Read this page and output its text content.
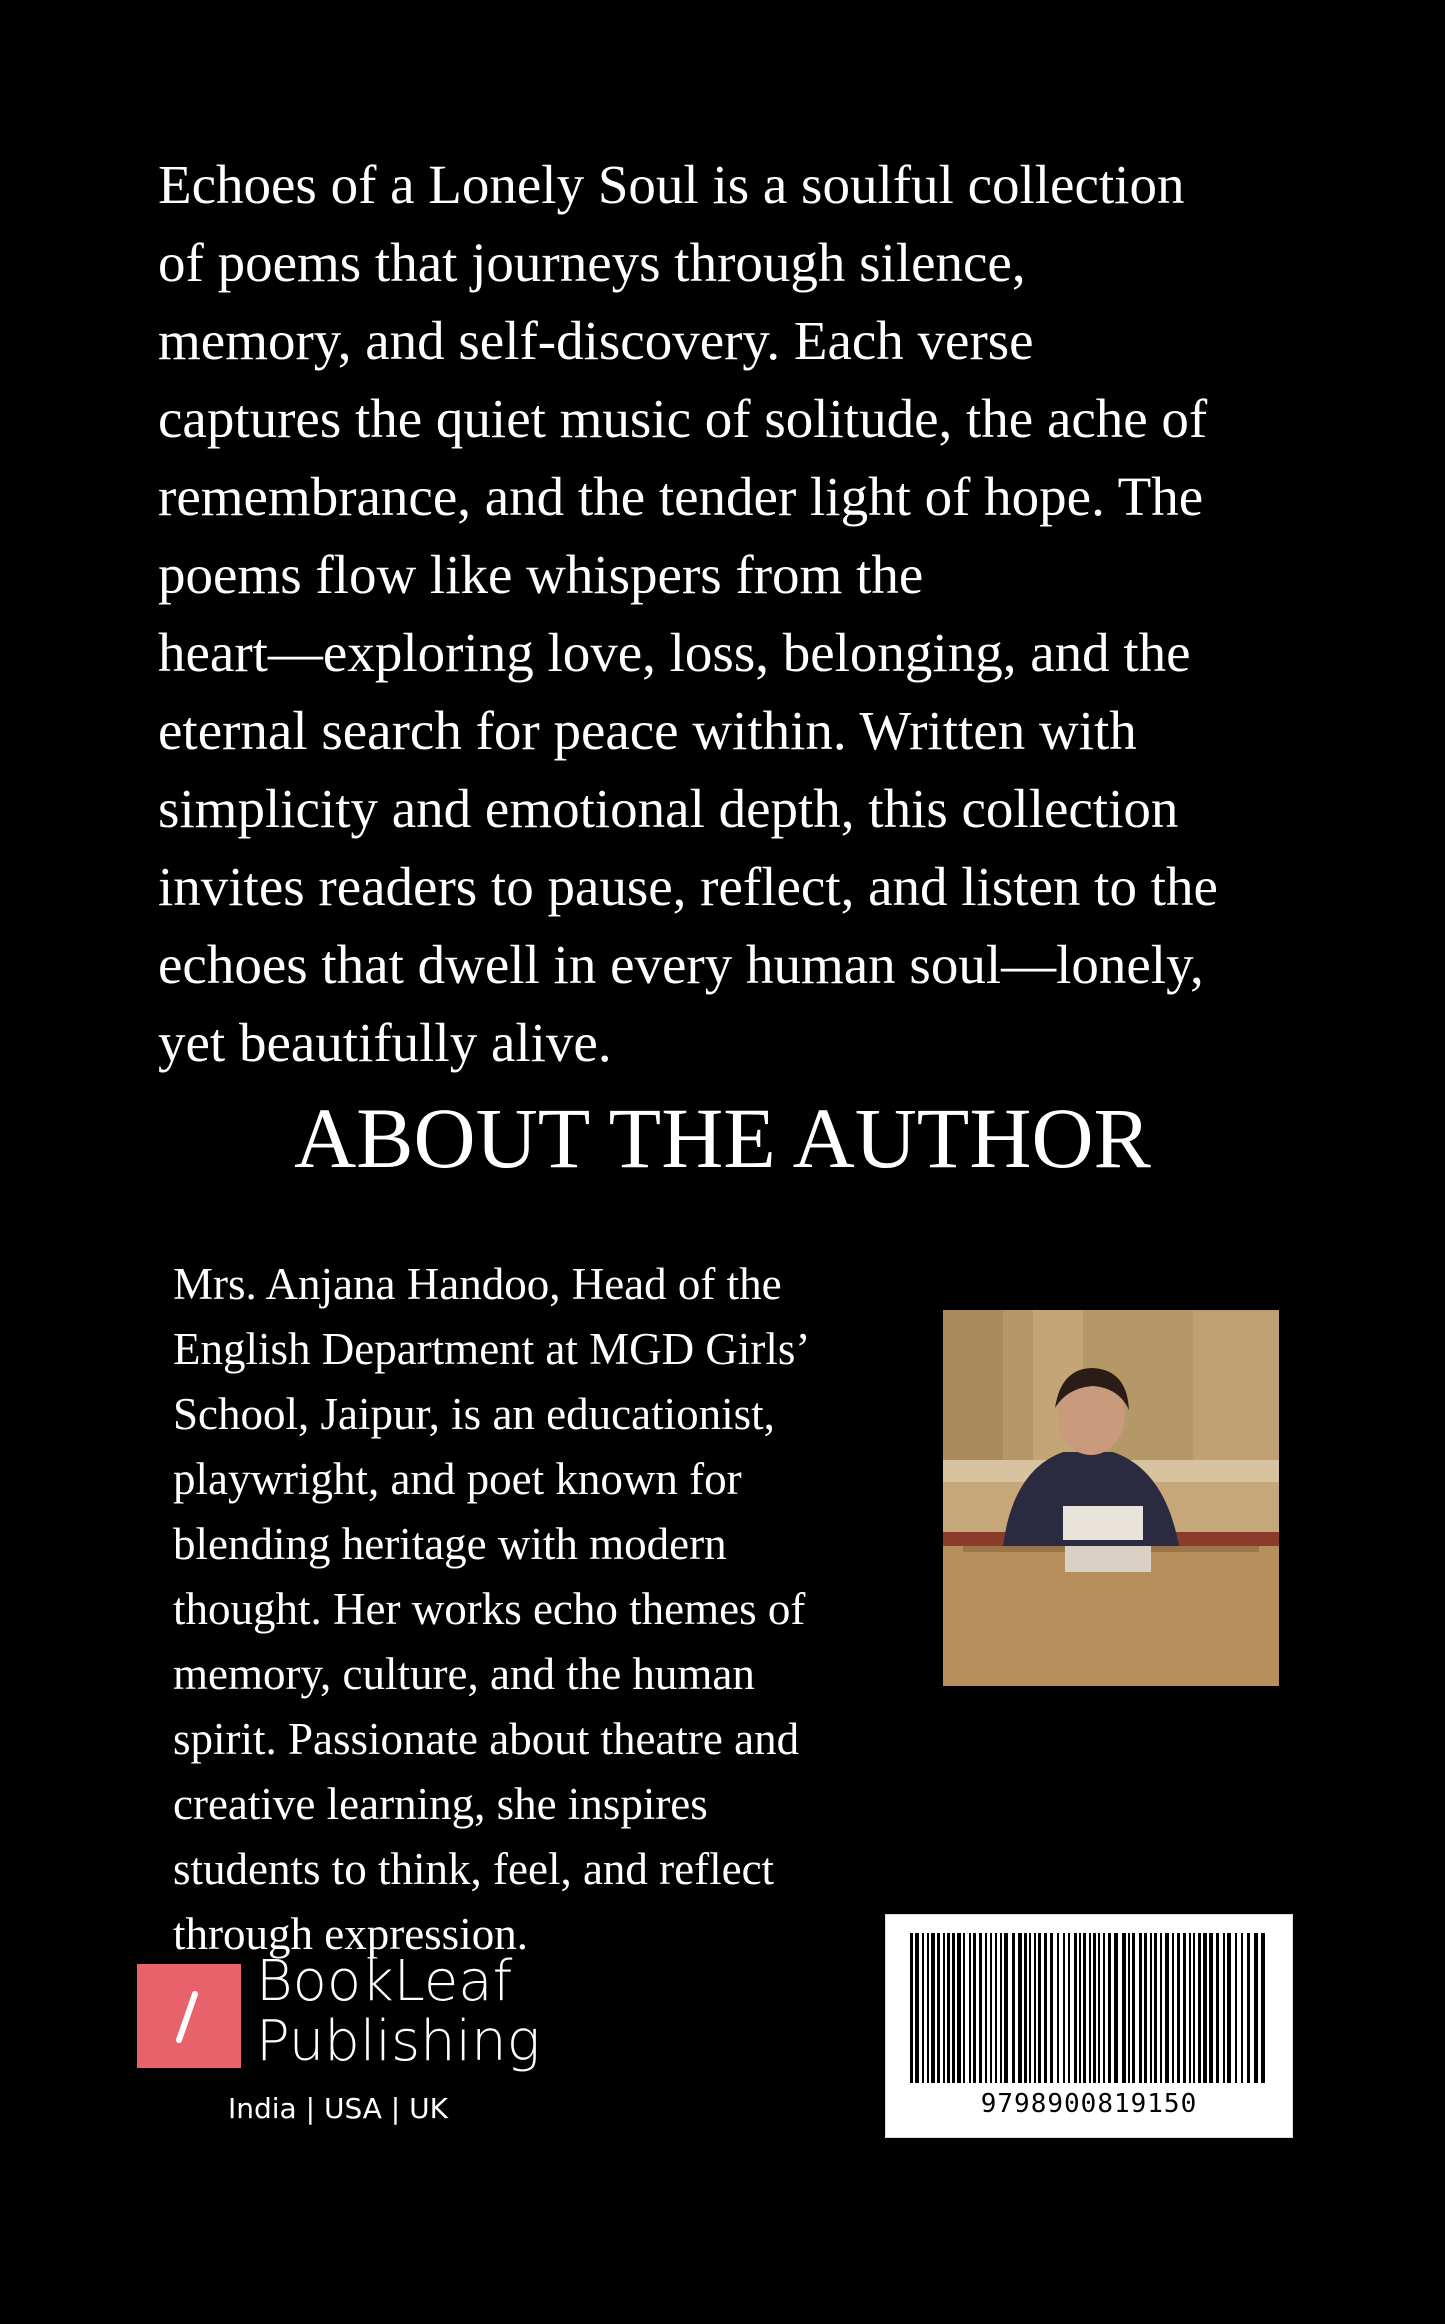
Echoes of a Lonely Soul is a soulful collection
of poems that journeys through silence,
memory, and self-discovery. Each verse
captures the quiet music of solitude, the ache of
remembrance, and the tender light of hope. The
poems flow like whispers from the
heart—exploring love, loss, belonging, and the
eternal search for peace within. Written with
simplicity and emotional depth, this collection
invites readers to pause, reflect, and listen to the
echoes that dwell in every human soul—lonely,
yet beautifully alive.

ABOUT THE AUTHOR

Mrs. Anjana Handoo, Head of the
English Department at MGD Girls’
School, Jaipur, is an educationist,
playwright, and poet known for
blending heritage with modern
thought. Her works echo themes of
memory, culture, and the human
spirit. Passionate about theatre and
creative learning, she inspires
students to think, feel, and reflect
through expression.

BookLeaf
Publishing
India | USA | UK	9798900819150
